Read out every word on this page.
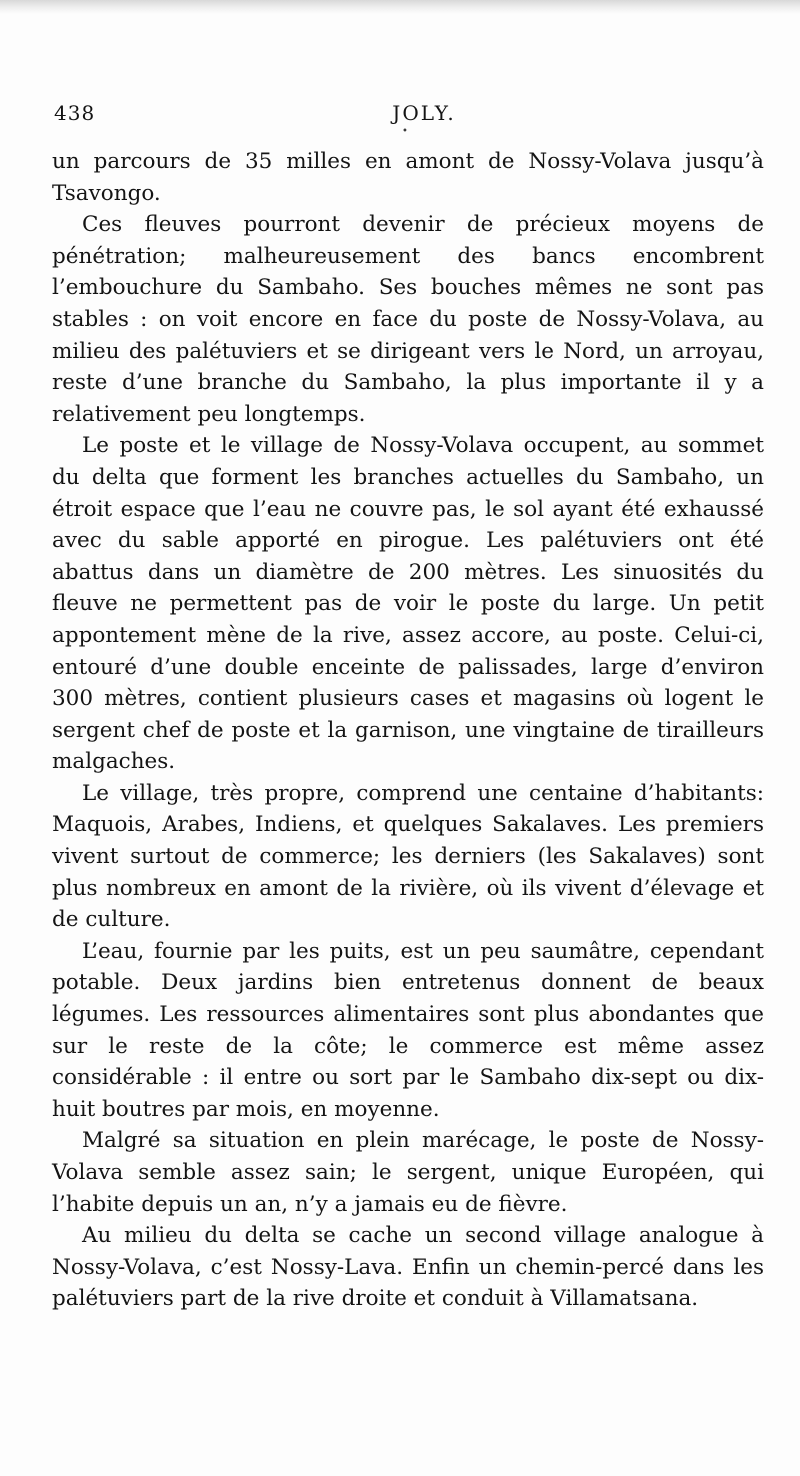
438	JOLY.
•

un parcours de 35 milles en amont de Nossy-Volava jusqu’à Tsavongo.

Ces fleuves pourront devenir de précieux moyens de pénétration; malheureusement des bancs encombrent l’embouchure du Sambaho. Ses bouches mêmes ne sont pas stables : on voit encore en face du poste de Nossy-Volava, au milieu des palétuviers et se dirigeant vers le Nord, un arroyau, reste d’une branche du Sambaho, la plus importante il y a relativement peu longtemps.

Le poste et le village de Nossy-Volava occupent, au sommet du delta que forment les branches actuelles du Sambaho, un étroit espace que l’eau ne couvre pas, le sol ayant été exhaussé avec du sable apporté en pirogue. Les palétuviers ont été abattus dans un diamètre de 200 mètres. Les sinuosités du fleuve ne permettent pas de voir le poste du large. Un petit appontement mène de la rive, assez accore, au poste. Celui-ci, entouré d’une double enceinte de palissades, large d’environ 300 mètres, contient plusieurs cases et magasins où logent le sergent chef de poste et la garnison, une vingtaine de tirailleurs malgaches.

Le village, très propre, comprend une centaine d’habitants: Maquois, Arabes, Indiens, et quelques Sakalaves. Les premiers vivent surtout de commerce; les derniers (les Sakalaves) sont plus nombreux en amont de la rivière, où ils vivent d’élevage et de culture.

L’eau, fournie par les puits, est un peu saumâtre, cependant potable. Deux jardins bien entretenus donnent de beaux légumes. Les ressources alimentaires sont plus abondantes que sur le reste de la côte; le commerce est même assez considérable : il entre ou sort par le Sambaho dix-sept ou dix-huit boutres par mois, en moyenne.

Malgré sa situation en plein marécage, le poste de Nossy-Volava semble assez sain; le sergent, unique Européen, qui l’habite depuis un an, n’y a jamais eu de fièvre.

Au milieu du delta se cache un second village analogue à Nossy-Volava, c’est Nossy-Lava. Enfin un chemin-percé dans les palétuviers part de la rive droite et conduit à Villamatsana.
